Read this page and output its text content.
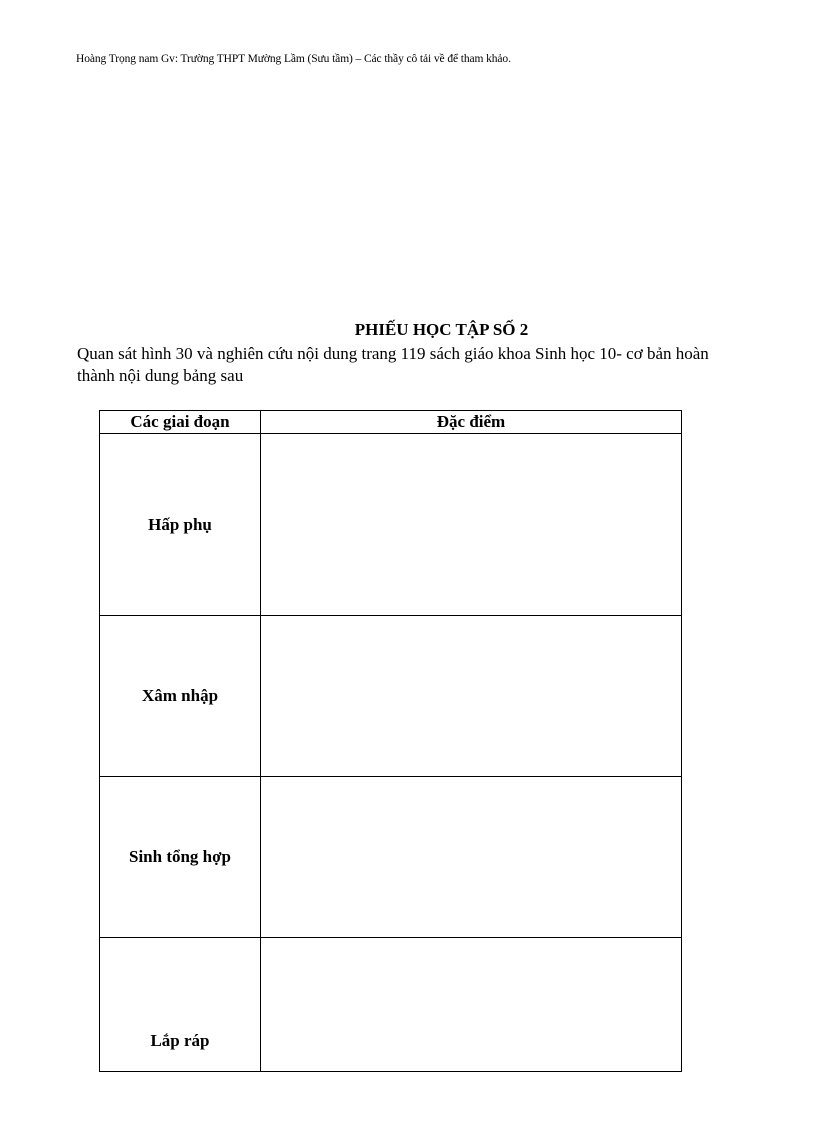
Hoàng Trọng nam Gv: Trường THPT Mường Lầm (Sưu tầm) – Các thầy cô tải về để tham khảo.
PHIẾU HỌC TẬP SỐ 2
Quan sát hình 30 và nghiên cứu nội dung trang 119 sách giáo khoa Sinh học 10- cơ bản hoàn thành nội dung bảng sau
Các giai đoạn	Đặc điểm
Hấp phụ	
Xâm nhập	
Sinh tổng hợp	
Lắp ráp	
